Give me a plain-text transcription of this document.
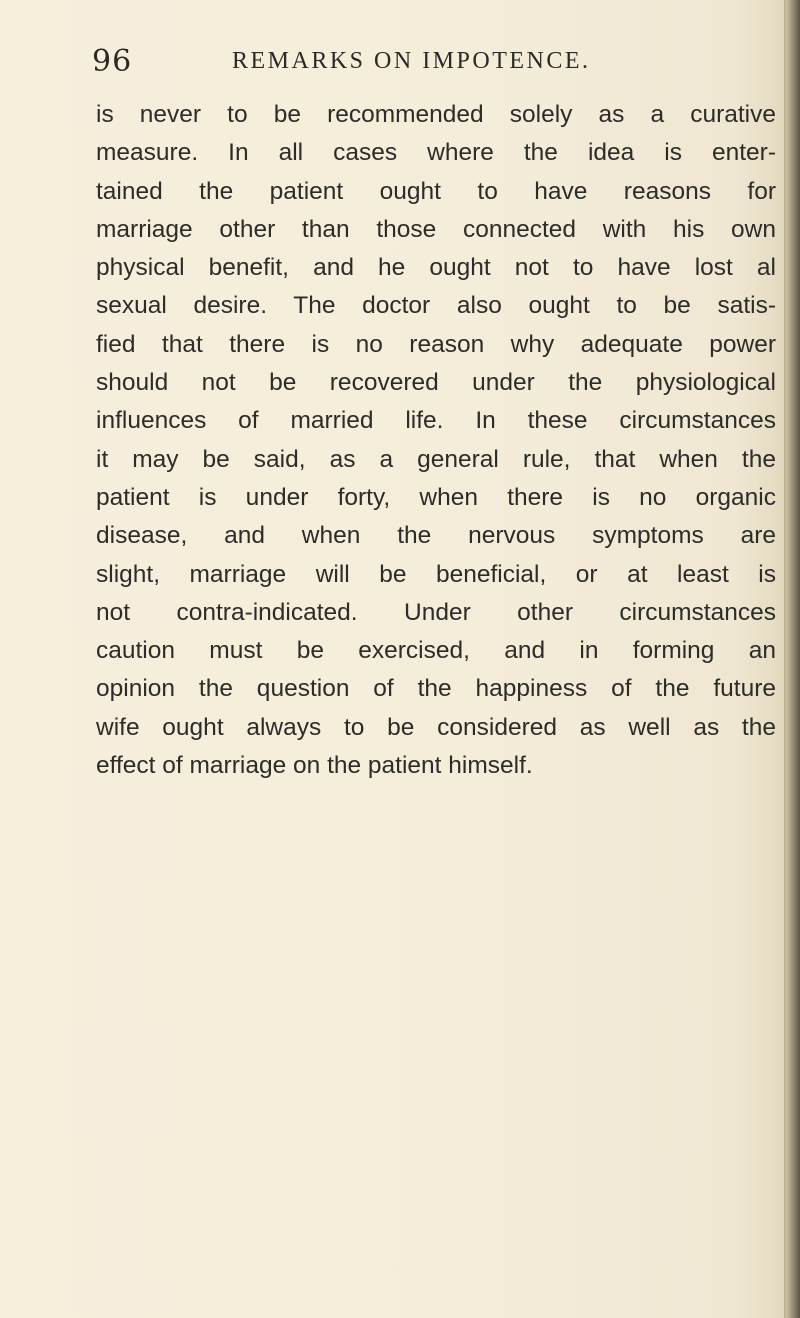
96	REMARKS ON IMPOTENCE.
is never to be recommended solely as a curative
measure. In all cases where the idea is enter-
tained the patient ought to have reasons for
marriage other than those connected with his own
physical benefit, and he ought not to have lost al
sexual desire. The doctor also ought to be satis-
fied that there is no reason why adequate power
should not be recovered under the physiological
influences of married life. In these circumstances
it may be said, as a general rule, that when the
patient is under forty, when there is no organic
disease, and when the nervous symptoms are
slight, marriage will be beneficial, or at least is
not contra-indicated. Under other circumstances
caution must be exercised, and in forming an
opinion the question of the happiness of the future
wife ought always to be considered as well as the
effect of marriage on the patient himself.
